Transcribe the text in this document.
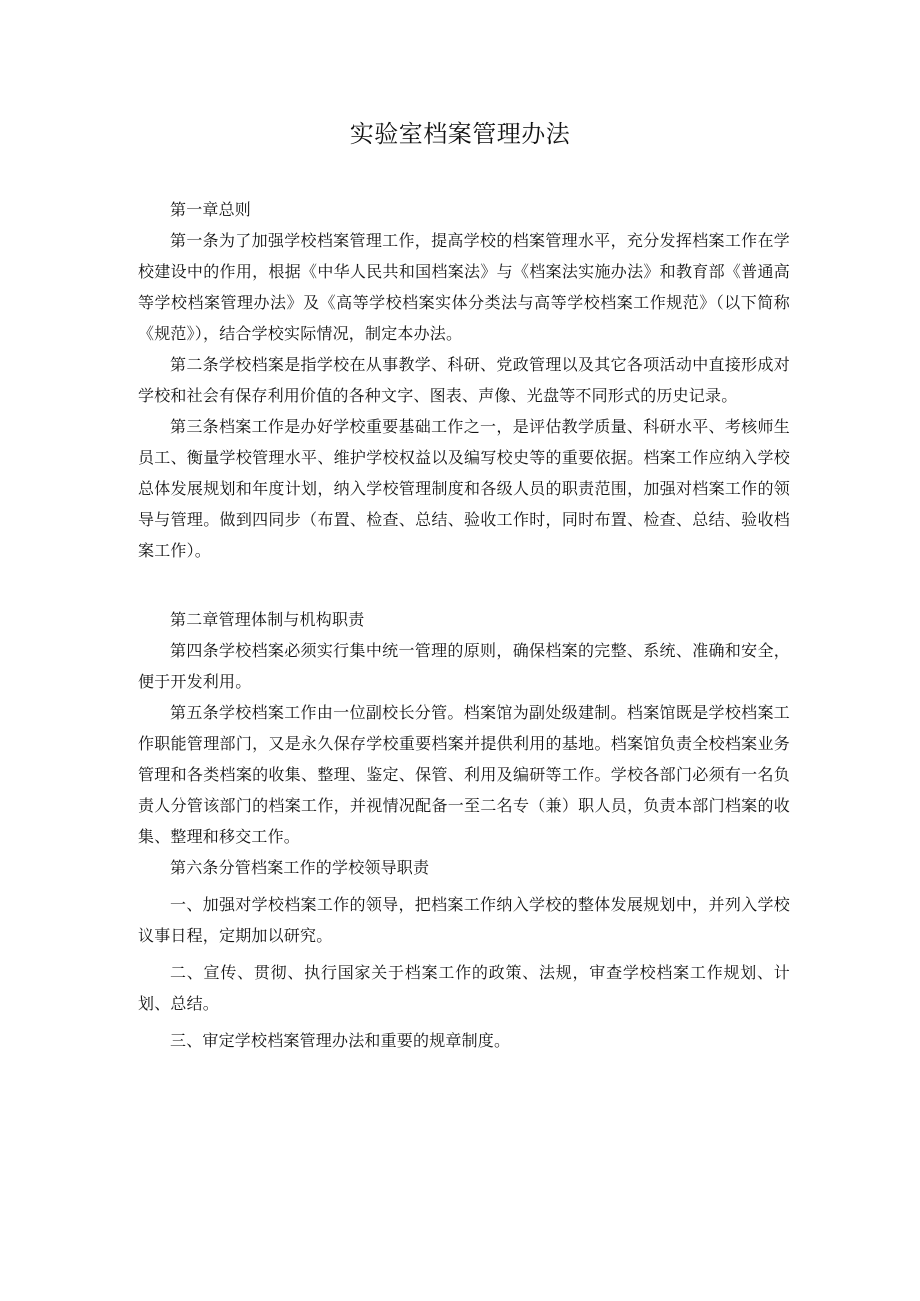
实验室档案管理办法

第一章总则

第一条为了加强学校档案管理工作，提高学校的档案管理水平，充分发挥档案工作在学校建设中的作用，根据《中华人民共和国档案法》与《档案法实施办法》和教育部《普通高等学校档案管理办法》及《高等学校档案实体分类法与高等学校档案工作规范》（以下简称《规范》），结合学校实际情况，制定本办法。

第二条学校档案是指学校在从事教学、科研、党政管理以及其它各项活动中直接形成对学校和社会有保存利用价值的各种文字、图表、声像、光盘等不同形式的历史记录。

第三条档案工作是办好学校重要基础工作之一，是评估教学质量、科研水平、考核师生员工、衡量学校管理水平、维护学校权益以及编写校史等的重要依据。档案工作应纳入学校总体发展规划和年度计划，纳入学校管理制度和各级人员的职责范围，加强对档案工作的领导与管理。做到四同步（布置、检查、总结、验收工作时，同时布置、检查、总结、验收档案工作）。

第二章管理体制与机构职责

第四条学校档案必须实行集中统一管理的原则，确保档案的完整、系统、准确和安全，便于开发利用。

第五条学校档案工作由一位副校长分管。档案馆为副处级建制。档案馆既是学校档案工作职能管理部门，又是永久保存学校重要档案并提供利用的基地。档案馆负责全校档案业务管理和各类档案的收集、整理、鉴定、保管、利用及编研等工作。学校各部门必须有一名负责人分管该部门的档案工作，并视情况配备一至二名专（兼）职人员，负责本部门档案的收集、整理和移交工作。

第六条分管档案工作的学校领导职责

一、加强对学校档案工作的领导，把档案工作纳入学校的整体发展规划中，并列入学校议事日程，定期加以研究。

二、宣传、贯彻、执行国家关于档案工作的政策、法规，审查学校档案工作规划、计划、总结。

三、审定学校档案管理办法和重要的规章制度。
